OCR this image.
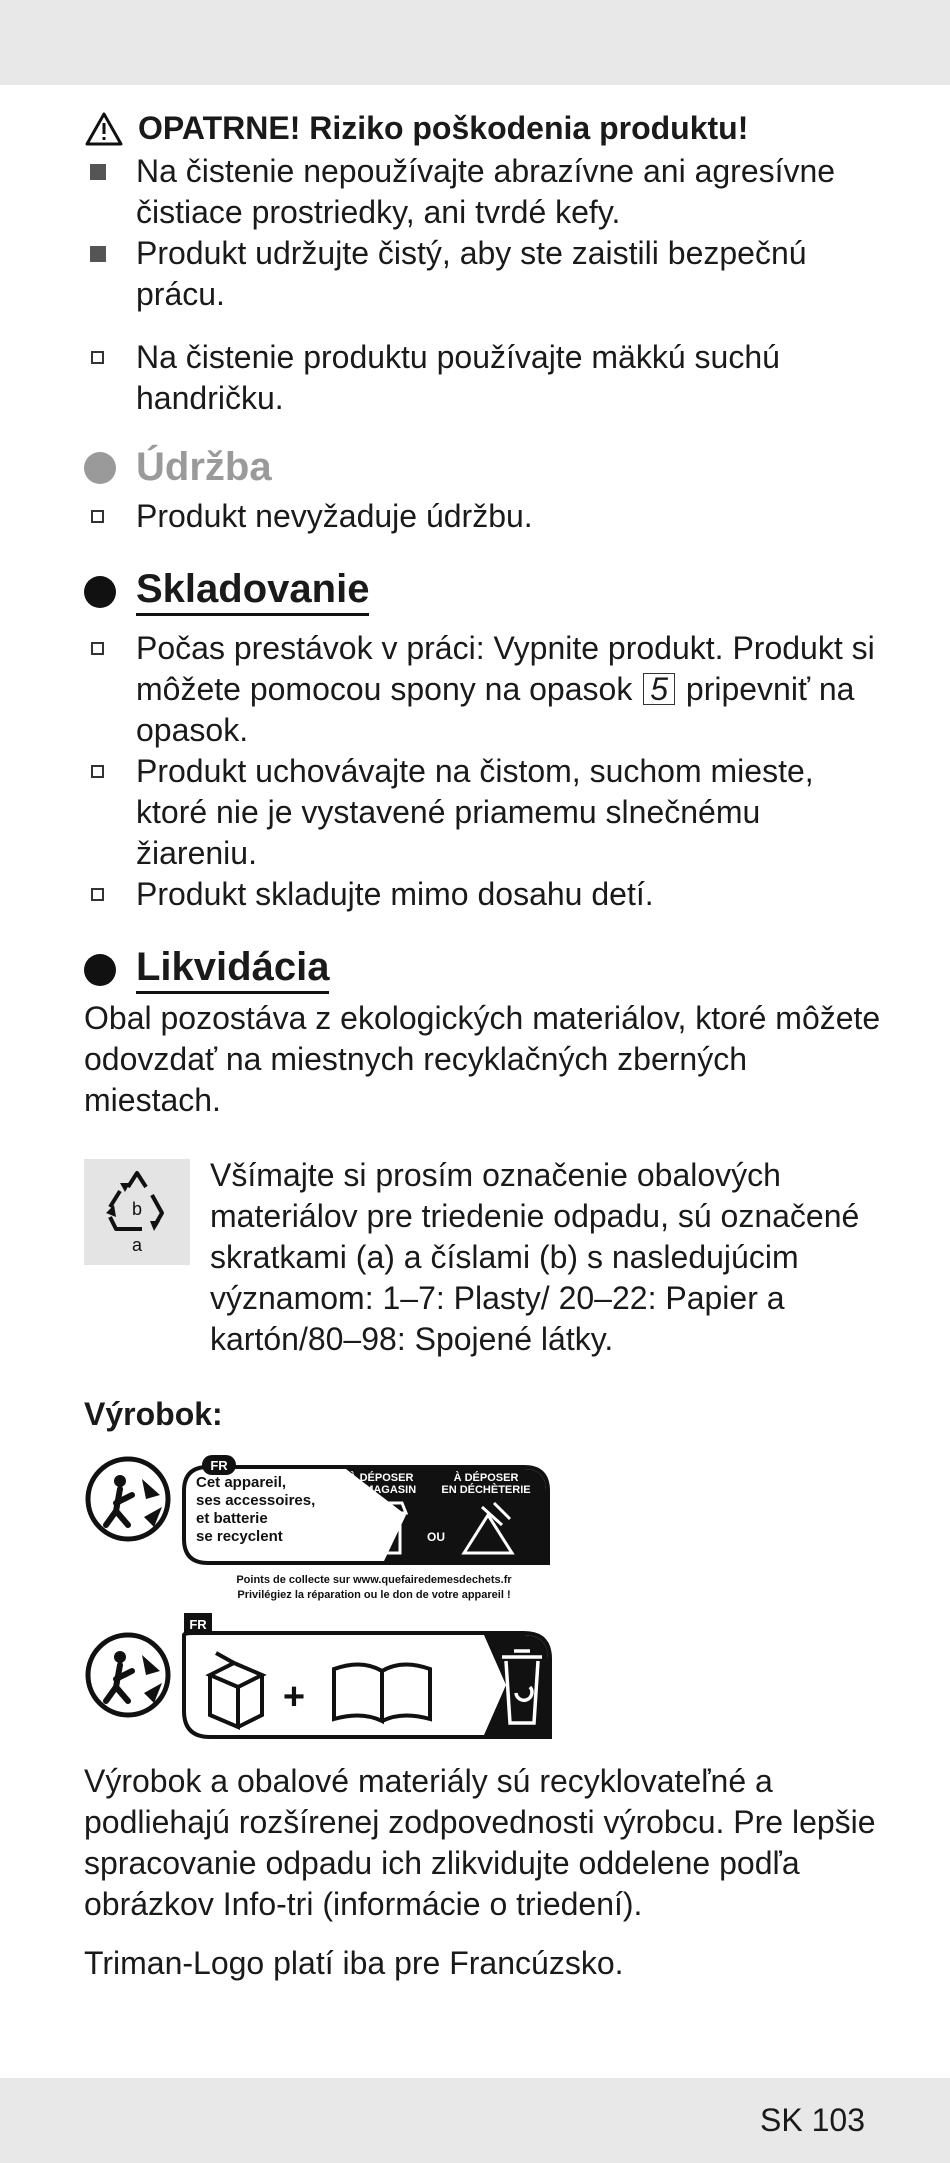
OPATRNE! Riziko poškodenia produktu!
Na čistenie nepoužívajte abrazívne ani agresívne čistiace prostriedky, ani tvrdé kefy.
Produkt udržujte čistý, aby ste zaistili bezpečnú prácu.
Na čistenie produktu používajte mäkkú suchú handričku.
Údržba
Produkt nevyžaduje údržbu.
Skladovanie
Počas prestávok v práci: Vypnite produkt. Produkt si môžete pomocou spony na opasok 5 pripevniť na opasok.
Produkt uchovávajte na čistom, suchom mieste, ktoré nie je vystavené priamemu slnečnému žiareniu.
Produkt skladujte mimo dosahu detí.
Likvidácia
Obal pozostáva z ekologických materiálov, ktoré môžete odovzdať na miestnych recyklačných zberných miestach.
b
a
Všímajte si prosím označenie obalových materiálov pre triedenie odpadu, sú označené skratkami (a) a číslami (b) s nasledujúcim významom: 1–7: Plasty/ 20–22: Papier a kartón/80–98: Spojené látky.
Výrobok:
FR
Cet appareil,
ses accessoires,
et batterie
se recyclent
À DÉPOSER
EN MAGASIN
À DÉPOSER
EN DÉCHÈTERIE
OU
Points de collecte sur www.quefairedemesdechets.fr
Privilégiez la réparation ou le don de votre appareil !
FR
+
Výrobok a obalové materiály sú recyklovateľné a podliehajú rozšírenej zodpovednosti výrobcu. Pre lepšie spracovanie odpadu ich zlikvidujte oddelene podľa obrázkov Info-tri (informácie o triedení).
Triman-Logo platí iba pre Francúzsko.
SK 103
